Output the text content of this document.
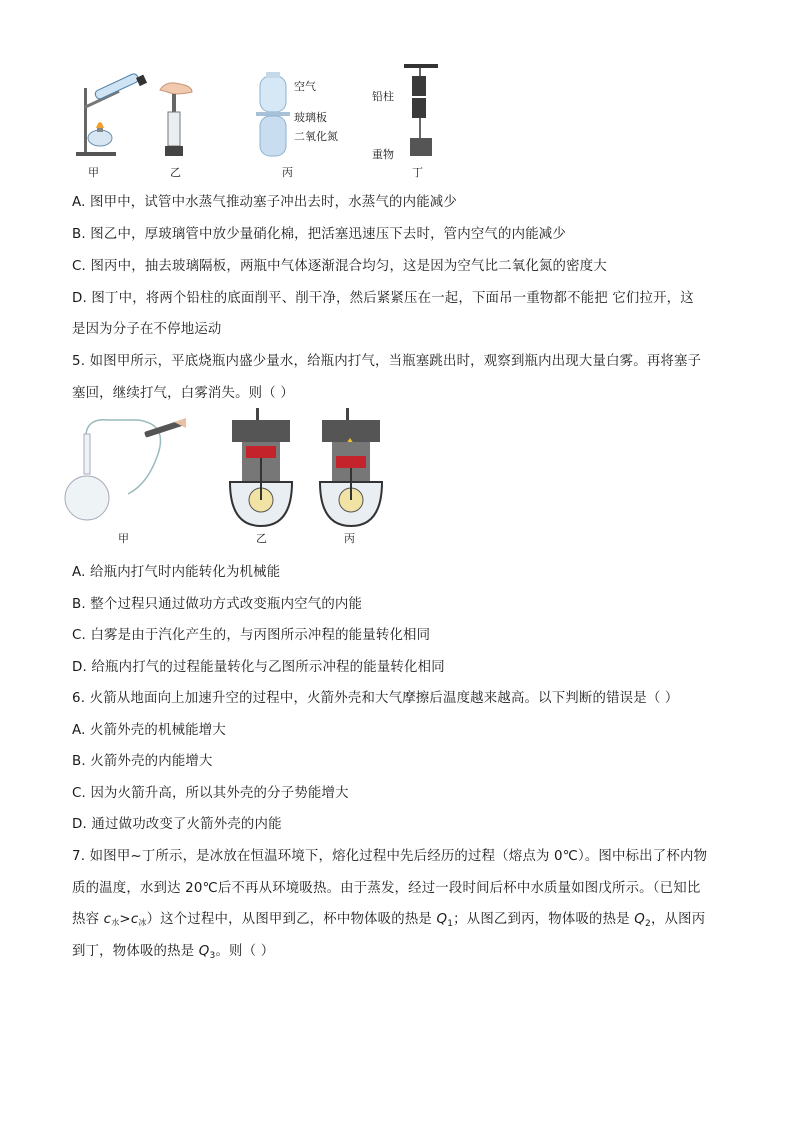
甲	乙
空气
玻璃板
二氧化氮
丙
铅柱
重物
丁
A. 图甲中，试管中水蒸气推动塞子冲出去时，水蒸气的内能减少
B. 图乙中，厚玻璃管中放少量硝化棉，把活塞迅速压下去时，管内空气的内能减少
C. 图丙中，抽去玻璃隔板，两瓶中气体逐渐混合均匀，这是因为空气比二氧化氮的密度大
D. 图丁中，将两个铅柱的底面削平、削干净，然后紧紧压在一起，下面吊一重物都不能把 它们拉开，这
是因为分子在不停地运动
5. 如图甲所示，平底烧瓶内盛少量水，给瓶内打气，当瓶塞跳出时，观察到瓶内出现大量白雾。再将塞子
塞回，继续打气，白雾消失。则（ ）
甲	乙	丙
A. 给瓶内打气时内能转化为机械能
B. 整个过程只通过做功方式改变瓶内空气的内能
C. 白雾是由于汽化产生的，与丙图所示冲程的能量转化相同
D. 给瓶内打气的过程能量转化与乙图所示冲程的能量转化相同
6. 火箭从地面向上加速升空的过程中，火箭外壳和大气摩擦后温度越来越高。以下判断的错误是（ ）
A. 火箭外壳的机械能增大
B. 火箭外壳的内能增大
C. 因为火箭升高，所以其外壳的分子势能增大
D. 通过做功改变了火箭外壳的内能
7. 如图甲~丁所示，是冰放在恒温环境下，熔化过程中先后经历的过程（熔点为 0℃）。图中标出了杯内物
质的温度，水到达 20℃后不再从环境吸热。由于蒸发，经过一段时间后杯中水质量如图戊所示。（已知比
热容 c水>c冰）这个过程中，从图甲到乙，杯中物体吸的热是 $Q_1$；从图乙到丙，物体吸的热是 $Q_2$，从图丙
到丁，物体吸的热是 $Q_3$。则（ ）
